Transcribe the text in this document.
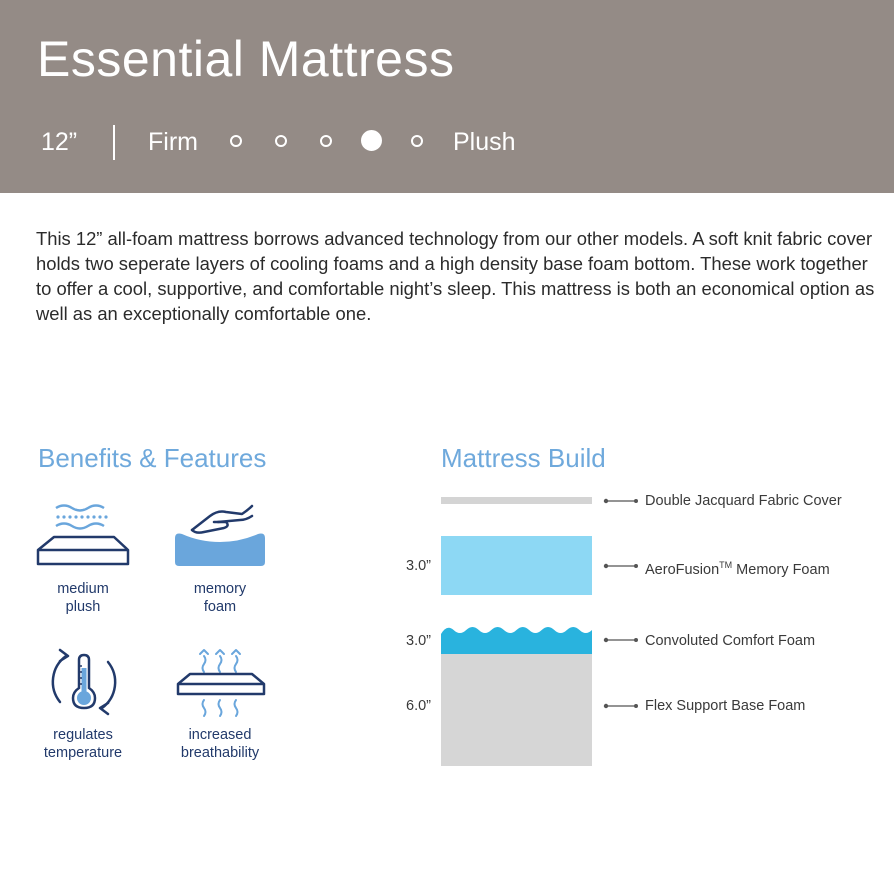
Essential Mattress
12”	Firm	Plush

This 12” all-foam mattress borrows advanced technology from our other models. A soft knit fabric cover holds two seperate layers of cooling foams and a high density base foam bottom. These work together to offer a cool, supportive, and comfortable night’s sleep. This mattress is both an economical option as well as an exceptionally comfortable one.

Benefits & Features
medium
plush
memory
foam
regulates
temperature
increased
breathability
Mattress Build
Double Jacquard Fabric Cover
3.0”	AeroFusion™ Memory Foam
3.0”	Convoluted Comfort Foam
6.0”	Flex Support Base Foam
